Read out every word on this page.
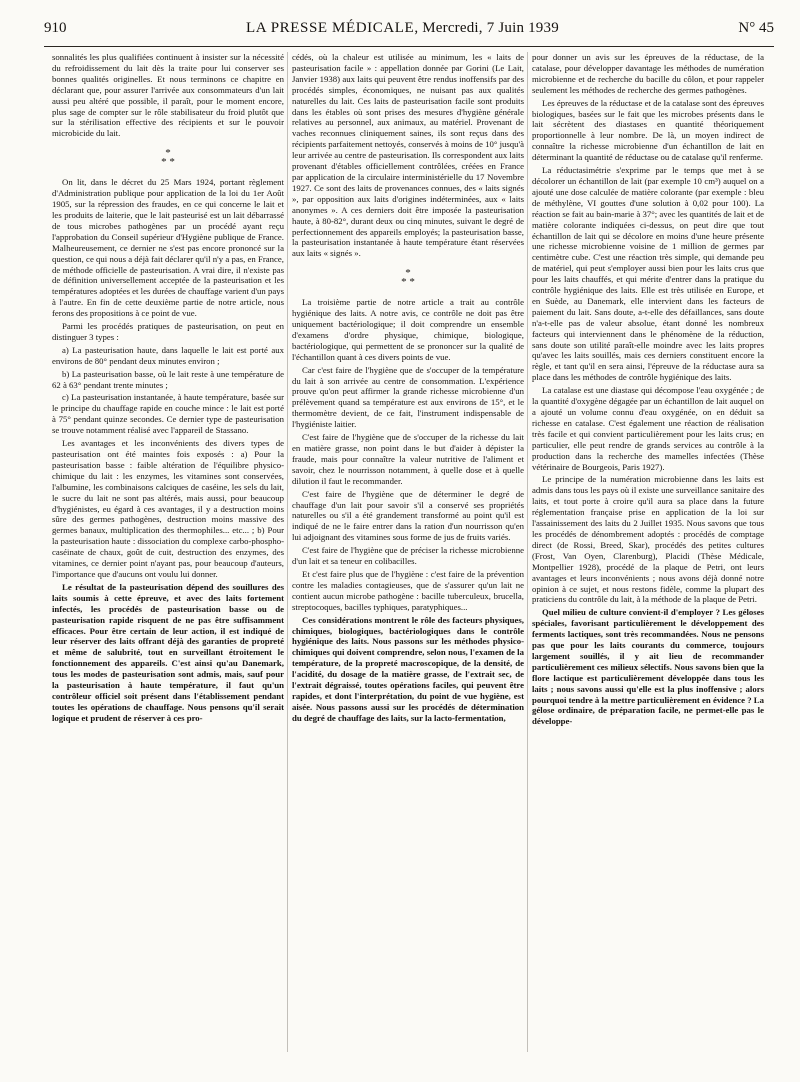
910	LA PRESSE MÉDICALE, Mercredi, 7 Juin 1939	N° 45

sonnalités les plus qualifiées continuent à insister sur la nécessité du refroidissement du lait dès la traite pour lui conserver ses bonnes qualités originelles. Et nous terminons ce chapitre en déclarant que, pour assurer l'arrivée aux consommateurs d'un lait aussi peu altéré que possible, il paraît, pour le moment encore, plus sage de compter sur le rôle stabilisateur du froid plutôt que sur la stérilisation effective des récipients et sur le pouvoir microbicide du lait.

*
* *

On lit, dans le décret du 25 Mars 1924, portant règlement d'Administration publique pour application de la loi du 1er Août 1905, sur la répression des fraudes, en ce qui concerne le lait et les produits de laiterie, que le lait pasteurisé est un lait débarrassé de tous microbes pathogènes par un procédé ayant reçu l'approbation du Conseil supérieur d'Hygiène publique de France. Malheureusement, ce dernier ne s'est pas encore prononcé sur la question, ce qui nous a déjà fait déclarer qu'il n'y a pas, en France, de méthode officielle de pasteurisation. A vrai dire, il n'existe pas de définition universellement acceptée de la pasteurisation et les températures adoptées et les durées de chauffage varient d'un pays à l'autre. En fin de cette deuxième partie de notre article, nous ferons des propositions à ce point de vue.

Parmi les procédés pratiques de pasteurisation, on peut en distinguer 3 types :

a) La pasteurisation haute, dans laquelle le lait est porté aux environs de 80° pendant deux minutes environ ;

b) La pasteurisation basse, où le lait reste à une température de 62 à 63° pendant trente minutes ;

c) La pasteurisation instantanée, à haute température, basée sur le principe du chauffage rapide en couche mince : le lait est porté à 75° pendant quinze secondes. Ce dernier type de pasteurisation se trouve notamment réalisé avec l'appareil de Stassano.

Les avantages et les inconvénients des divers types de pasteurisation ont été maintes fois exposés : a) Pour la pasteurisation basse : faible altération de l'équilibre physico-chimique du lait : les enzymes, les vitamines sont conservées, l'albumine, les combinaisons calciques de caséine, les sels du lait, le sucre du lait ne sont pas altérés, mais aussi, pour beaucoup d'hygiénistes, eu égard à ces avantages, il y a destruction moins sûre des germes pathogènes, destruction moins massive des germes banaux, multiplication des thermophiles... etc... ; b) Pour la pasteurisation haute : dissociation du complexe carbo-phospho-caséinate de chaux, goût de cuit, destruction des enzymes, des vitamines, ce dernier point n'ayant pas, pour beaucoup d'auteurs, l'importance que d'aucuns ont voulu lui donner.

Le résultat de la pasteurisation dépend des souillures des laits soumis à cette épreuve, et avec des laits fortement infectés, les procédés de pasteurisation basse ou de pasteurisation rapide risquent de ne pas être suffisamment efficaces. Pour être certain de leur action, il est indiqué de leur réserver des laits offrant déjà des garanties de propreté et même de salubrité, tout en surveillant étroitement le fonctionnement des appareils. C'est ainsi qu'au Danemark, tous les modes de pasteurisation sont admis, mais, sauf pour la pasteurisation à haute température, il faut qu'un contrôleur officiel soit présent dans l'établissement pendant toutes les opérations de chauffage. Nous pensons qu'il serait logique et prudent de réserver à ces pro-

cédés, où la chaleur est utilisée au minimum, les « laits de pasteurisation facile » : appellation donnée par Gorini (Le Lait, Janvier 1938) aux laits qui peuvent être rendus inoffensifs par des procédés simples, économiques, ne nuisant pas aux qualités naturelles du lait. Ces laits de pasteurisation facile sont produits dans les étables où sont prises des mesures d'hygiène générale relatives au personnel, aux animaux, au matériel. Provenant de vaches reconnues cliniquement saines, ils sont reçus dans des récipients parfaitement nettoyés, conservés à moins de 10° jusqu'à leur arrivée au centre de pasteurisation. Ils correspondent aux laits provenant d'étables officiellement contrôlées, créées en France par application de la circulaire interministérielle du 17 Novembre 1927. Ce sont des laits de provenances connues, des « laits signés », par opposition aux laits d'origines indéterminées, aux « laits anonymes ». A ces derniers doit être imposée la pasteurisation haute, à 80-82°, durant deux ou cinq minutes, suivant le degré de perfectionnement des appareils employés; la pasteurisation basse, la pasteurisation instantanée à haute température étant réservées aux laits « signés ».

*
* *

La troisième partie de notre article a trait au contrôle hygiénique des laits. A notre avis, ce contrôle ne doit pas être uniquement bactériologique; il doit comprendre un ensemble d'examens d'ordre physique, chimique, biologique, bactériologique, qui permettent de se prononcer sur la qualité de l'échantillon quant à ces divers points de vue.

Car c'est faire de l'hygiène que de s'occuper de la température du lait à son arrivée au centre de consommation. L'expérience prouve qu'on peut affirmer la grande richesse microbienne d'un prélèvement quand sa température est aux environs de 15°, et le thermomètre devient, de ce fait, l'instrument indispensable de l'hygiéniste laitier.

C'est faire de l'hygiène que de s'occuper de la richesse du lait en matière grasse, non point dans le but d'aider à dépister la fraude, mais pour connaître la valeur nutritive de l'aliment et savoir, chez le nourrisson notamment, à quelle dose et à quelle dilution il faut le recommander.

C'est faire de l'hygiène que de déterminer le degré de chauffage d'un lait pour savoir s'il a conservé ses propriétés naturelles ou s'il a été grandement transformé au point qu'il est indiqué de ne le faire entrer dans la ration d'un nourrisson qu'en lui adjoignant des vitamines sous forme de jus de fruits variés.

C'est faire de l'hygiène que de préciser la richesse microbienne d'un lait et sa teneur en colibacilles.

Et c'est faire plus que de l'hygiène : c'est faire de la prévention contre les maladies contagieuses, que de s'assurer qu'un lait ne contient aucun microbe pathogène : bacille tuberculeux, brucella, streptocoques, bacilles typhiques, paratyphiques...

Ces considérations montrent le rôle des facteurs physiques, chimiques, biologiques, bactériologiques dans le contrôle hygiénique des laits. Nous passons sur les méthodes physico-chimiques qui doivent comprendre, selon nous, l'examen de la température, de la propreté macroscopique, de la densité, de l'acidité, du dosage de la matière grasse, de l'extrait sec, de l'extrait dégraissé, toutes opérations faciles, qui peuvent être rapides, et dont l'interprétation, du point de vue hygiène, est aisée. Nous passons aussi sur les procédés de détermination du degré de chauffage des laits, sur la lacto-fermentation,

pour donner un avis sur les épreuves de la réductase, de la catalase, pour développer davantage les méthodes de numération microbienne et de recherche du bacille du côlon, et pour rappeler seulement les méthodes de recherche des germes pathogènes.

Les épreuves de la réductase et de la catalase sont des épreuves biologiques, basées sur le fait que les microbes présents dans le lait sécrètent des diastases en quantité théoriquement proportionnelle à leur nombre. De là, un moyen indirect de connaître la richesse microbienne d'un échantillon de lait en déterminant la quantité de réductase ou de catalase qu'il renferme.

La réductasimétrie s'exprime par le temps que met à se décolorer un échantillon de lait (par exemple 10 cm³) auquel on a ajouté une dose calculée de matière colorante (par exemple : bleu de méthylène, VI gouttes d'une solution à 0,02 pour 100). La réaction se fait au bain-marie à 37°; avec les quantités de lait et de matière colorante indiquées ci-dessus, on peut dire que tout échantillon de lait qui se décolore en moins d'une heure présente une richesse microbienne voisine de 1 million de germes par centimètre cube. C'est une réaction très simple, qui demande peu de matériel, qui peut s'employer aussi bien pour les laits crus que pour les laits chauffés, et qui mérite d'entrer dans la pratique du contrôle hygiénique des laits. Elle est très utilisée en Europe, et en Suède, au Danemark, elle intervient dans les facteurs de paiement du lait. Sans doute, a-t-elle des défaillances, sans doute n'a-t-elle pas de valeur absolue, étant donné les nombreux facteurs qui interviennent dans le phénomène de la réduction, sans doute son utilité paraît-elle moindre avec les laits propres qu'avec les laits souillés, mais ces derniers constituent encore la règle, et tant qu'il en sera ainsi, l'épreuve de la réductase aura sa place dans les méthodes de contrôle hygiénique des laits.

La catalase est une diastase qui décompose l'eau oxygénée ; de la quantité d'oxygène dégagée par un échantillon de lait auquel on a ajouté un volume connu d'eau oxygénée, on en déduit sa richesse en catalase. C'est également une réaction de réalisation très facile et qui convient particulièrement pour les laits crus; en particulier, elle peut rendre de grands services au contrôle à la production dans la recherche des mamelles infectées (Thèse vétérinaire de Bourgeois, Paris 1927).

Le principe de la numération microbienne dans les laits est admis dans tous les pays où il existe une surveillance sanitaire des laits, et tout porte à croire qu'il aura sa place dans la future réglementation française prise en application de la loi sur l'assainissement des laits du 2 Juillet 1935. Nous savons que tous les procédés de dénombrement adoptés : procédés de comptage direct (de Rossi, Breed, Skar), procédés des petites cultures (Frost, Van Oyen, Clarenburg), Placidi (Thèse Médicale, Montpellier 1928), procédé de la plaque de Petri, ont leurs avantages et leurs inconvénients ; nous avons déjà donné notre opinion à ce sujet, et nous restons fidèle, comme la plupart des praticiens du contrôle du lait, à la méthode de la plaque de Petri.

Quel milieu de culture convient-il d'employer ? Les géloses spéciales, favorisant particulièrement le développement des ferments lactiques, sont très recommandées. Nous ne pensons pas que pour les laits courants du commerce, toujours largement souillés, il y ait lieu de recommander particulièrement ces milieux sélectifs. Nous savons bien que la flore lactique est particulièrement développée dans tous les laits ; nous savons aussi qu'elle est la plus inoffensive ; alors pourquoi tendre à la mettre particulièrement en évidence ? La gélose ordinaire, de préparation facile, ne permet-elle pas le développe-
